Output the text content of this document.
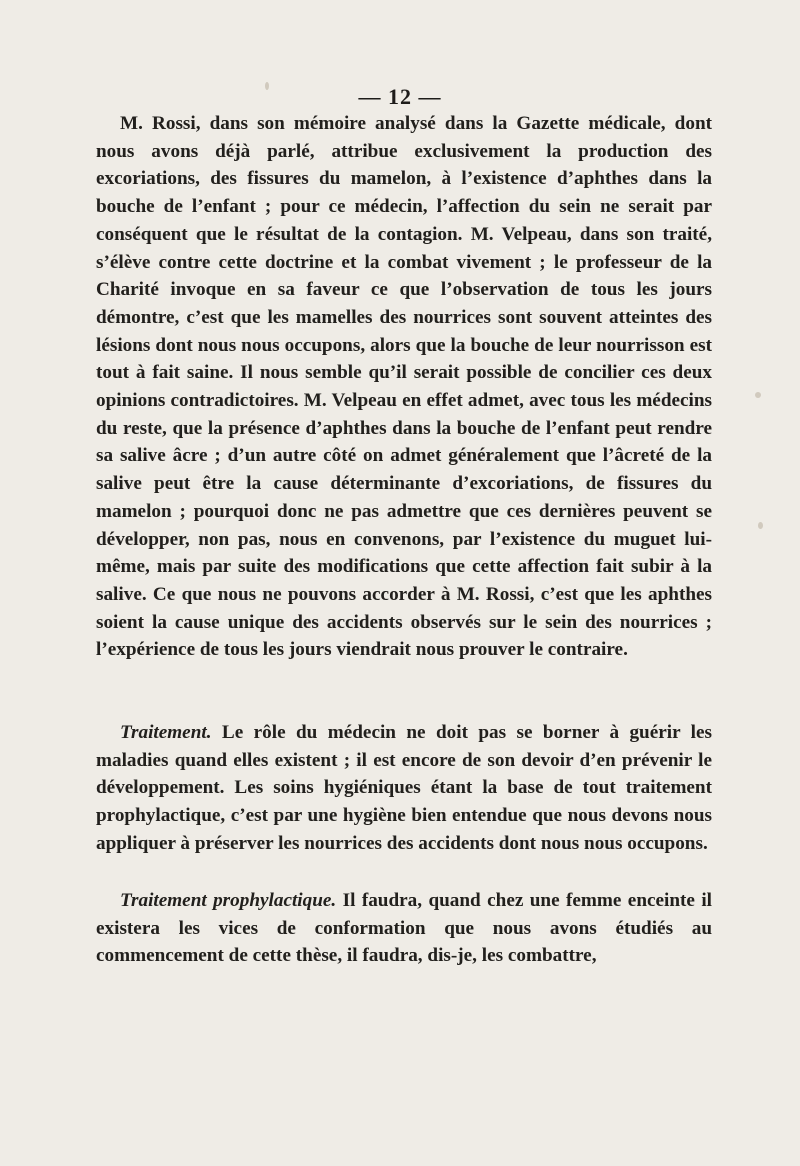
— 12 —

M. Rossi, dans son mémoire analysé dans la Gazette médicale, dont nous avons déjà parlé, attribue exclusivement la production des excoriations, des fissures du mamelon, à l’existence d’aphthes dans la bouche de l’enfant ; pour ce médecin, l’affection du sein ne serait par conséquent que le résultat de la contagion. M. Velpeau, dans son traité, s’élève contre cette doctrine et la combat vivement ; le professeur de la Charité invoque en sa faveur ce que l’observation de tous les jours démontre, c’est que les mamelles des nourrices sont souvent atteintes des lésions dont nous nous occupons, alors que la bouche de leur nourrisson est tout à fait saine. Il nous semble qu’il serait possible de concilier ces deux opinions contradictoires. M. Velpeau en effet admet, avec tous les médecins du reste, que la présence d’aphthes dans la bouche de l’enfant peut rendre sa salive âcre ; d’un autre côté on admet généralement que l’âcreté de la salive peut être la cause déterminante d’excoriations, de fissures du mamelon ; pourquoi donc ne pas admettre que ces dernières peuvent se développer, non pas, nous en convenons, par l’existence du muguet lui-même, mais par suite des modifications que cette affection fait subir à la salive. Ce que nous ne pouvons accorder à M. Rossi, c’est que les aphthes soient la cause unique des accidents observés sur le sein des nourrices ; l’expérience de tous les jours viendrait nous prouver le contraire.

Traitement. Le rôle du médecin ne doit pas se borner à guérir les maladies quand elles existent ; il est encore de son devoir d’en prévenir le développement. Les soins hygiéniques étant la base de tout traitement prophylactique, c’est par une hygiène bien entendue que nous devons nous appliquer à préserver les nourrices des accidents dont nous nous occupons.

Traitement prophylactique. Il faudra, quand chez une femme enceinte il existera les vices de conformation que nous avons étudiés au commencement de cette thèse, il faudra, dis-je, les combattre,
